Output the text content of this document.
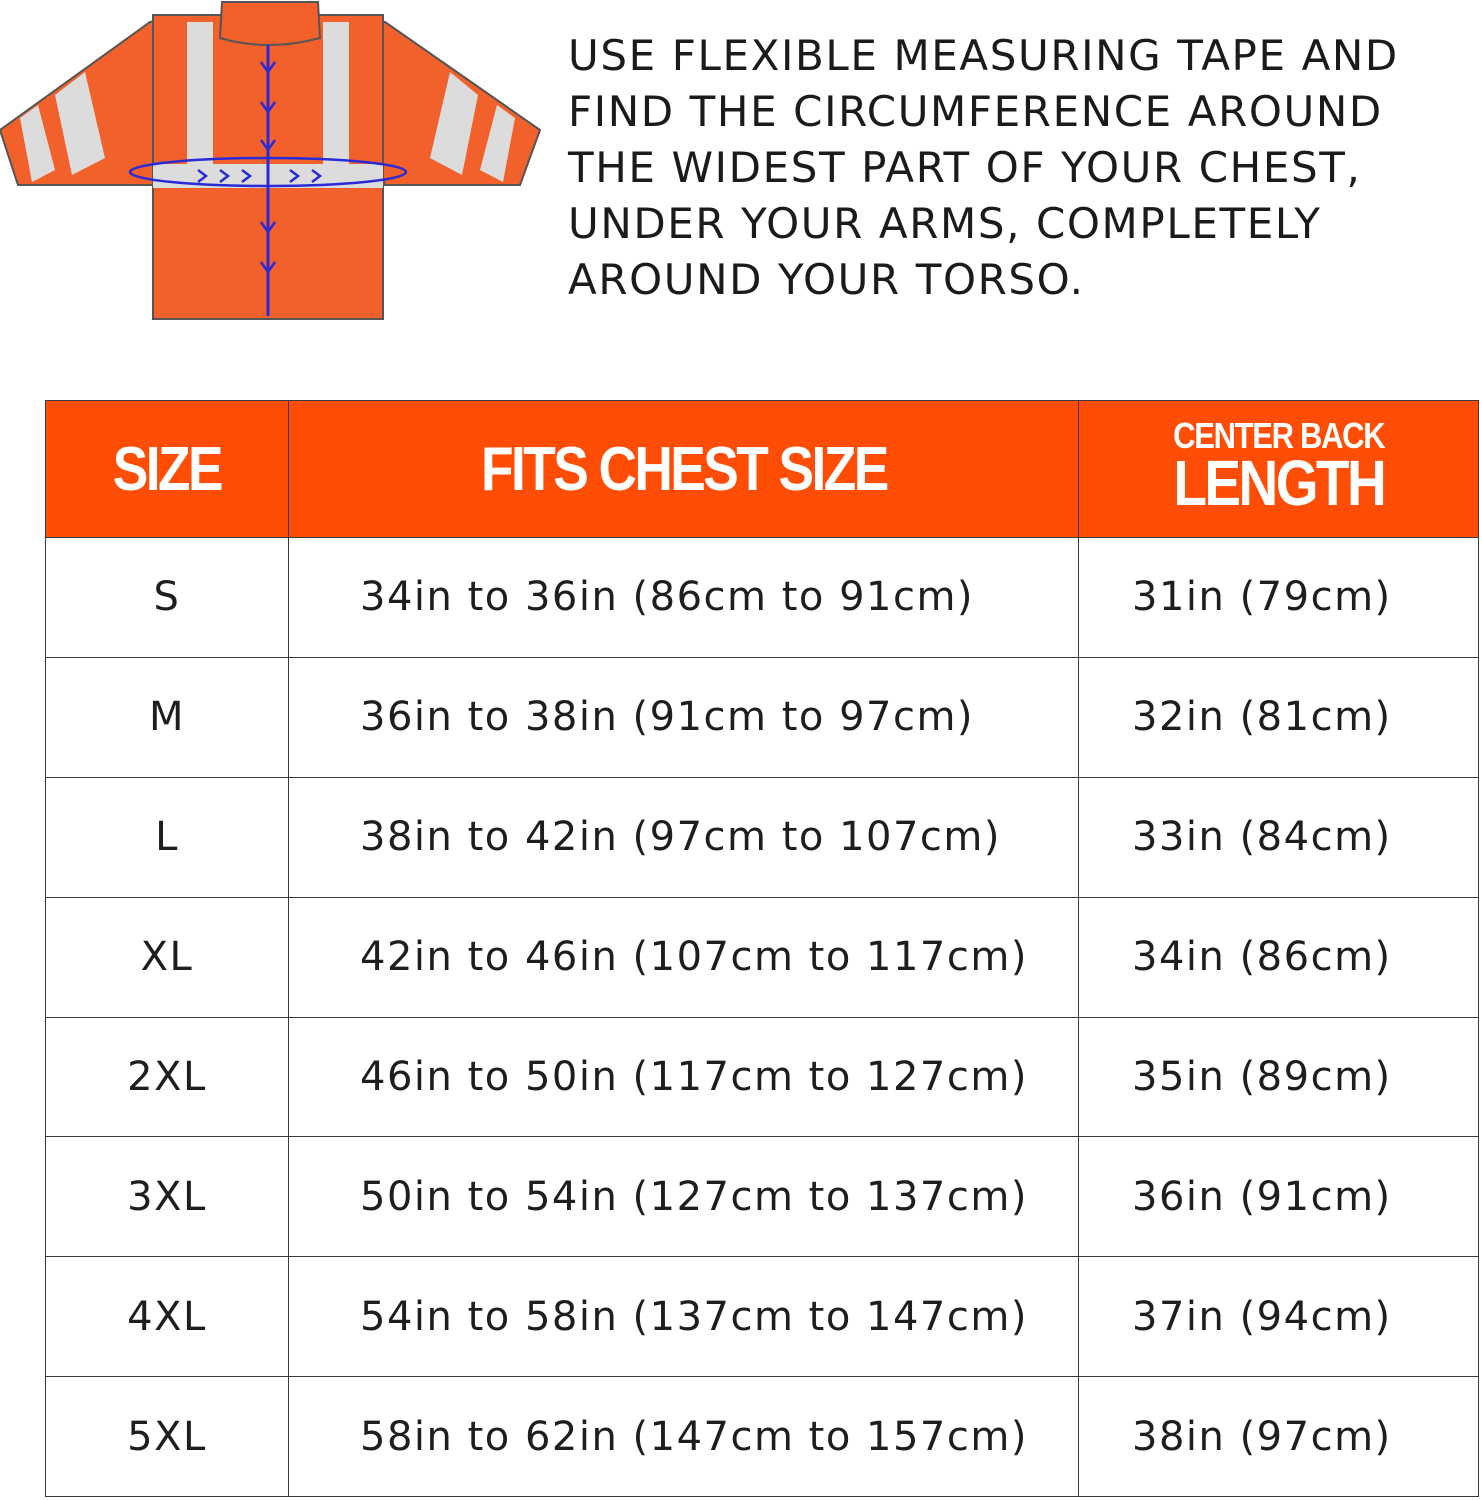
USE FLEXIBLE MEASURING TAPE AND
FIND THE CIRCUMFERENCE AROUND
THE WIDEST PART OF YOUR CHEST,
UNDER YOUR ARMS, COMPLETELY
AROUND YOUR TORSO.

SIZE	FITS CHEST SIZE	CENTER BACK
LENGTH

S	34in to 36in (86cm to 91cm)	31in (79cm)
M	36in to 38in (91cm to 97cm)	32in (81cm)
L	38in to 42in (97cm to 107cm)	33in (84cm)
XL	42in to 46in (107cm to 117cm)	34in (86cm)
2XL	46in to 50in (117cm to 127cm)	35in (89cm)
3XL	50in to 54in (127cm to 137cm)	36in (91cm)
4XL	54in to 58in (137cm to 147cm)	37in (94cm)
5XL	58in to 62in (147cm to 157cm)	38in (97cm)
